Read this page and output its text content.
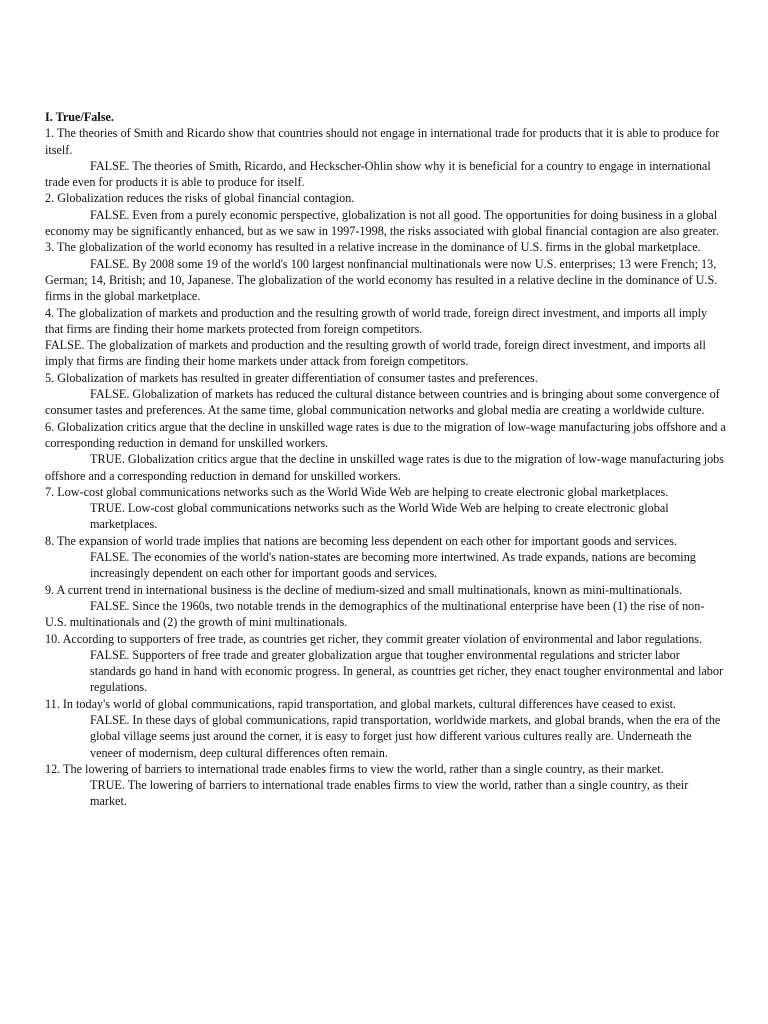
I. True/False.

1. The theories of Smith and Ricardo show that countries should not engage in international trade for products that it is able to produce for itself.

FALSE. The theories of Smith, Ricardo, and Heckscher-Ohlin show why it is beneficial for a country to engage in international trade even for products it is able to produce for itself.

2. Globalization reduces the risks of global financial contagion.

FALSE. Even from a purely economic perspective, globalization is not all good. The opportunities for doing business in a global economy may be significantly enhanced, but as we saw in 1997-1998, the risks associated with global financial contagion are also greater.

3. The globalization of the world economy has resulted in a relative increase in the dominance of U.S. firms in the global marketplace.

FALSE. By 2008 some 19 of the world's 100 largest nonfinancial multinationals were now U.S. enterprises; 13 were French; 13, German; 14, British; and 10, Japanese. The globalization of the world economy has resulted in a relative decline in the dominance of U.S. firms in the global marketplace.

4. The globalization of markets and production and the resulting growth of world trade, foreign direct investment, and imports all imply that firms are finding their home markets protected from foreign competitors.

FALSE. The globalization of markets and production and the resulting growth of world trade, foreign direct investment, and imports all imply that firms are finding their home markets under attack from foreign competitors.

5. Globalization of markets has resulted in greater differentiation of consumer tastes and preferences.

FALSE. Globalization of markets has reduced the cultural distance between countries and is bringing about some convergence of consumer tastes and preferences. At the same time, global communication networks and global media are creating a worldwide culture.

6. Globalization critics argue that the decline in unskilled wage rates is due to the migration of low-wage manufacturing jobs offshore and a corresponding reduction in demand for unskilled workers.

TRUE. Globalization critics argue that the decline in unskilled wage rates is due to the migration of low-wage manufacturing jobs offshore and a corresponding reduction in demand for unskilled workers.

7. Low-cost global communications networks such as the World Wide Web are helping to create electronic global marketplaces.

TRUE. Low-cost global communications networks such as the World Wide Web are helping to create electronic global marketplaces.

8. The expansion of world trade implies that nations are becoming less dependent on each other for important goods and services.

FALSE. The economies of the world's nation-states are becoming more intertwined. As trade expands, nations are becoming increasingly dependent on each other for important goods and services.

9. A current trend in international business is the decline of medium-sized and small multinationals, known as mini-multinationals.

FALSE. Since the 1960s, two notable trends in the demographics of the multinational enterprise have been (1) the rise of non-U.S. multinationals and (2) the growth of mini multinationals.

10. According to supporters of free trade, as countries get richer, they commit greater violation of environmental and labor regulations.

FALSE. Supporters of free trade and greater globalization argue that tougher environmental regulations and stricter labor standards go hand in hand with economic progress. In general, as countries get richer, they enact tougher environmental and labor regulations.

11. In today's world of global communications, rapid transportation, and global markets, cultural differences have ceased to exist.

FALSE. In these days of global communications, rapid transportation, worldwide markets, and global brands, when the era of the global village seems just around the corner, it is easy to forget just how different various cultures really are. Underneath the veneer of modernism, deep cultural differences often remain.

12. The lowering of barriers to international trade enables firms to view the world, rather than a single country, as their market.

TRUE. The lowering of barriers to international trade enables firms to view the world, rather than a single country, as their market.
